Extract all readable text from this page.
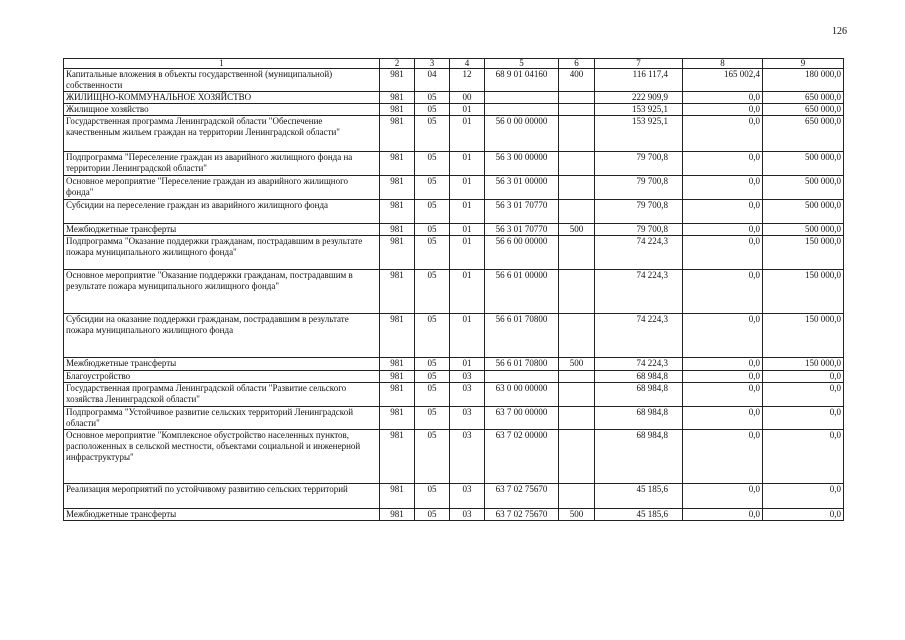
126
1	2	3	4	5	6	7	8	9
Капитальные вложения в объекты государственной (муниципальной) собственности	981	04	12	68 9 01 04160	400	116 117,4	165 002,4	180 000,0
ЖИЛИЩНО-КОММУНАЛЬНОЕ ХОЗЯЙСТВО	981	05	00			222 909,9	0,0	650 000,0
Жилищное хозяйство	981	05	01			153 925,1	0,0	650 000,0
Государственная программа Ленинградской области "Обеспечение качественным жильем граждан на территории Ленинградской области"	981	05	01	56 0 00 00000		153 925,1	0,0	650 000,0
Подпрограмма "Переселение граждан из аварийного жилищного фонда на территории Ленинградской области"	981	05	01	56 3 00 00000		79 700,8	0,0	500 000,0
Основное мероприятие "Переселение граждан из аварийного жилищного фонда"	981	05	01	56 3 01 00000		79 700,8	0,0	500 000,0
Субсидии на переселение граждан из аварийного жилищного фонда	981	05	01	56 3 01 70770		79 700,8	0,0	500 000,0
Межбюджетные трансферты	981	05	01	56 3 01 70770	500	79 700,8	0,0	500 000,0
Подпрограмма "Оказание поддержки гражданам, пострадавшим в результате пожара муниципального жилищного фонда"	981	05	01	56 6 00 00000		74 224,3	0,0	150 000,0
Основное мероприятие "Оказание поддержки гражданам, пострадавшим в результате пожара муниципального жилищного фонда"	981	05	01	56 6 01 00000		74 224,3	0,0	150 000,0
Субсидии на оказание поддержки гражданам, пострадавшим в результате пожара муниципального жилищного фонда	981	05	01	56 6 01 70800		74 224,3	0,0	150 000,0
Межбюджетные трансферты	981	05	01	56 6 01 70800	500	74 224,3	0,0	150 000,0
Благоустройство	981	05	03			68 984,8	0,0	0,0
Государственная программа Ленинградской области "Развитие сельского хозяйства Ленинградской области"	981	05	03	63 0 00 00000		68 984,8	0,0	0,0
Подпрограмма "Устойчивое развитие сельских территорий Ленинградской области"	981	05	03	63 7 00 00000		68 984,8	0,0	0,0
Основное мероприятие "Комплексное обустройство населенных пунктов, расположенных в сельской местности, объектами социальной и инженерной инфраструктуры"	981	05	03	63 7 02 00000		68 984,8	0,0	0,0
Реализация мероприятий по устойчивому развитию сельских территорий	981	05	03	63 7 02 75670		45 185,6	0,0	0,0
Межбюджетные трансферты	981	05	03	63 7 02 75670	500	45 185,6	0,0	0,0
